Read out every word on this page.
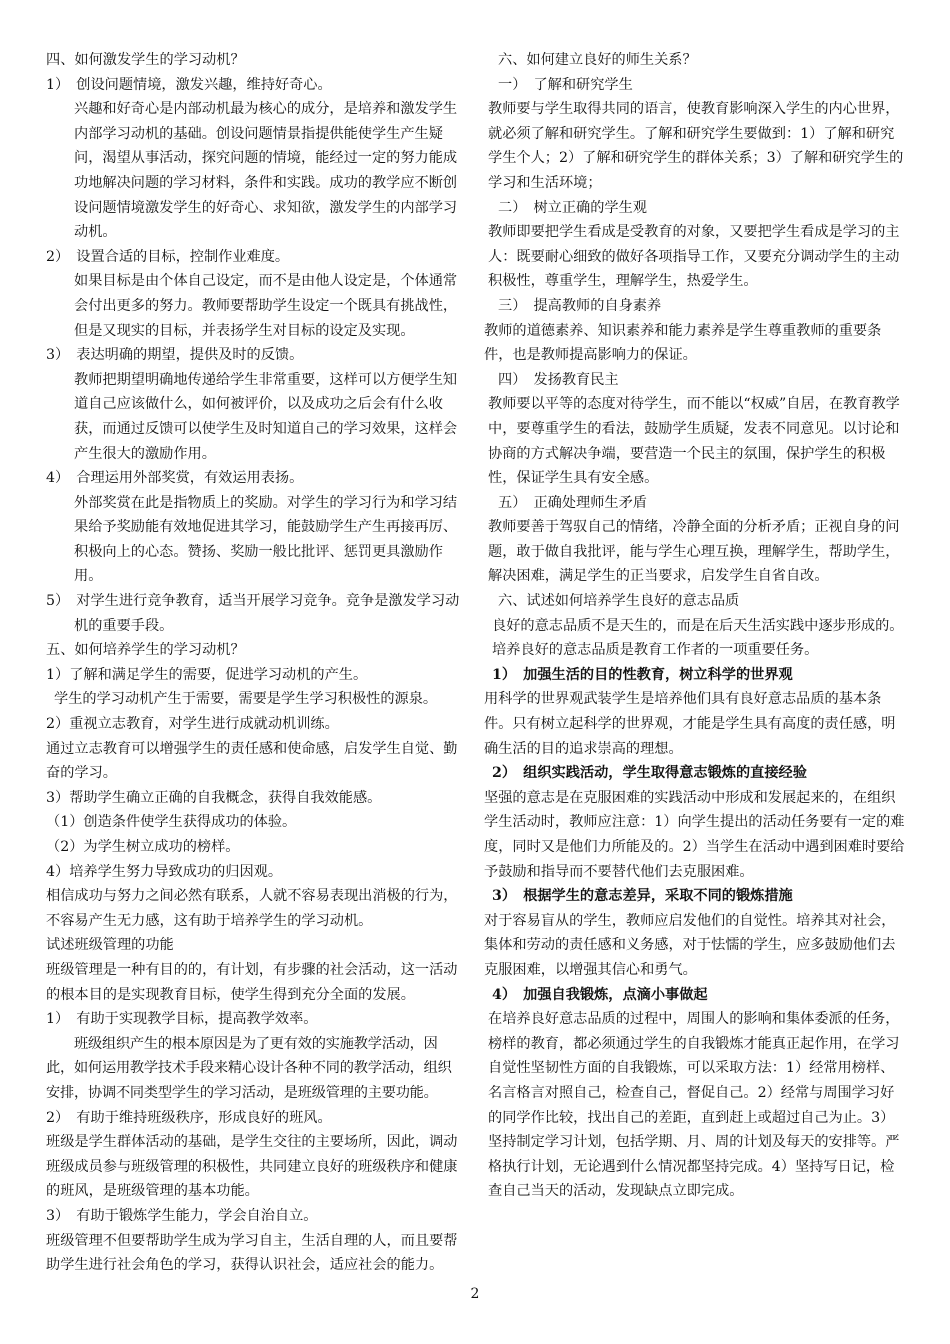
四、如何激发学生的学习动机？

1）　创设问题情境，激发兴趣，维持好奇心。

兴趣和好奇心是内部动机最为核心的成分，是培养和激发学生内部学习动机的基础。创设问题情景指提供能使学生产生疑问，渴望从事活动，探究问题的情境，能经过一定的努力能成功地解决问题的学习材料，条件和实践。成功的教学应不断创设问题情境激发学生的好奇心、求知欲，激发学生的内部学习动机。

2）　设置合适的目标，控制作业难度。

如果目标是由个体自己设定，而不是由他人设定是，个体通常会付出更多的努力。教师要帮助学生设定一个既具有挑战性，但是又现实的目标，并表扬学生对目标的设定及实现。

3）　表达明确的期望，提供及时的反馈。

教师把期望明确地传递给学生非常重要，这样可以方便学生知道自己应该做什么，如何被评价，以及成功之后会有什么收获，而通过反馈可以使学生及时知道自己的学习效果，这样会产生很大的激励作用。

4）　合理运用外部奖赏，有效运用表扬。

外部奖赏在此是指物质上的奖励。对学生的学习行为和学习结果给予奖励能有效地促进其学习，能鼓励学生产生再接再厉、积极向上的心态。赞扬、奖励一般比批评、惩罚更具激励作用。

5）　对学生进行竞争教育，适当开展学习竞争。竞争是激发学习动机的重要手段。

五、如何培养学生的学习动机？

1）了解和满足学生的需要，促进学习动机的产生。

学生的学习动机产生于需要，需要是学生学习积极性的源泉。

2）重视立志教育，对学生进行成就动机训练。

通过立志教育可以增强学生的责任感和使命感，启发学生自觉、勤奋的学习。

3）帮助学生确立正确的自我概念，获得自我效能感。

（1）创造条件使学生获得成功的体验。

（2）为学生树立成功的榜样。

4）培养学生努力导致成功的归因观。

相信成功与努力之间必然有联系，人就不容易表现出消极的行为，不容易产生无力感，这有助于培养学生的学习动机。

试述班级管理的功能

班级管理是一种有目的的，有计划，有步骤的社会活动，这一活动的根本目的是实现教育目标，使学生得到充分全面的发展。

1）　有助于实现教学目标，提高教学效率。

　　班级组织产生的根本原因是为了更有效的实施教学活动，因此，如何运用教学技术手段来精心设计各种不同的教学活动，组织安排，协调不同类型学生的学习活动，是班级管理的主要功能。

2）　有助于维持班级秩序，形成良好的班风。

班级是学生群体活动的基础，是学生交往的主要场所，因此，调动班级成员参与班级管理的积极性，共同建立良好的班级秩序和健康的班风，是班级管理的基本功能。

3）　有助于锻炼学生能力，学会自治自立。

班级管理不但要帮助学生成为学习自主，生活自理的人，而且要帮助学生进行社会角色的学习，获得认识社会，适应社会的能力。

六、如何建立良好的师生关系？

一）　了解和研究学生

教师要与学生取得共同的语言，使教育影响深入学生的内心世界，就必须了解和研究学生。了解和研究学生要做到：1）了解和研究学生个人；2）了解和研究学生的群体关系；3）了解和研究学生的学习和生活环境；

二）　树立正确的学生观

教师即要把学生看成是受教育的对象，又要把学生看成是学习的主人：既要耐心细致的做好各项指导工作，又要充分调动学生的主动积极性，尊重学生，理解学生，热爱学生。

三）　提高教师的自身素养

教师的道德素养、知识素养和能力素养是学生尊重教师的重要条件，也是教师提高影响力的保证。

四）　发扬教育民主

教师要以平等的态度对待学生，而不能以“权威”自居，在教育教学中，要尊重学生的看法，鼓励学生质疑，发表不同意见。以讨论和协商的方式解决争端，要营造一个民主的氛围，保护学生的积极性，保证学生具有安全感。

五）　正确处理师生矛盾

教师要善于驾驭自己的情绪，冷静全面的分析矛盾；正视自身的问题，敢于做自我批评，能与学生心理互换，理解学生，帮助学生，解决困难，满足学生的正当要求，启发学生自省自改。

六、试述如何培养学生良好的意志品质

良好的意志品质不是天生的，而是在后天生活实践中逐步形成的。培养良好的意志品质是教育工作者的一项重要任务。

1）　加强生活的目的性教育，树立科学的世界观

用科学的世界观武装学生是培养他们具有良好意志品质的基本条件。只有树立起科学的世界观，才能是学生具有高度的责任感，明确生活的目的追求崇高的理想。

2）　组织实践活动，学生取得意志锻炼的直接经验

坚强的意志是在克服困难的实践活动中形成和发展起来的，在组织学生活动时，教师应注意：1）向学生提出的活动任务要有一定的难度，同时又是他们力所能及的。2）当学生在活动中遇到困难时要给予鼓励和指导而不要替代他们去克服困难。

3）　根据学生的意志差异，采取不同的锻炼措施

对于容易盲从的学生，教师应启发他们的自觉性。培养其对社会，集体和劳动的责任感和义务感，对于怯懦的学生，应多鼓励他们去克服困难，以增强其信心和勇气。

4）　加强自我锻炼，点滴小事做起

在培养良好意志品质的过程中，周围人的影响和集体委派的任务，榜样的教育，都必须通过学生的自我锻炼才能真正起作用，在学习自觉性坚韧性方面的自我锻炼，可以采取方法：1）经常用榜样、名言格言对照自己，检查自己，督促自己。2）经常与周围学习好的同学作比较，找出自己的差距，直到赶上或超过自己为止。3）坚持制定学习计划，包括学期、月、周的计划及每天的安排等。严格执行计划，无论遇到什么情况都坚持完成。4）坚持写日记，检查自己当天的活动，发现缺点立即完成。

2
